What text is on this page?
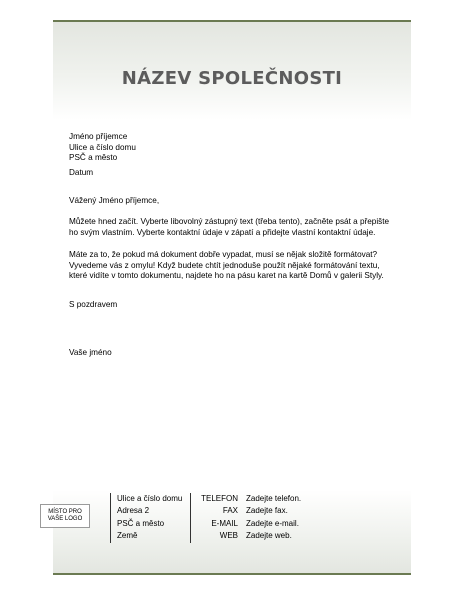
NÁZEV SPOLEČNOSTI
Jméno příjemce
Ulice a číslo domu
PSČ a město
Datum
Vážený Jméno příjemce,
Můžete hned začít. Vyberte libovolný zástupný text (třeba tento), začněte psát a přepište ho svým vlastním. Vyberte kontaktní údaje v zápatí a přidejte vlastní kontaktní údaje.
Máte za to, že pokud má dokument dobře vypadat, musí se nějak složitě formátovat? Vyvedeme vás z omylu! Když budete chtít jednoduše použít nějaké formátování textu, které vidíte v tomto dokumentu, najdete ho na pásu karet na kartě Domů v galerii Styly.
S pozdravem
Vaše jméno
MÍSTO PRO
VAŠE LOGO
Ulice a číslo domu
Adresa 2
PSČ a město
Země
TELEFON
FAX
E-MAIL
WEB
Zadejte telefon.
Zadejte fax.
Zadejte e-mail.
Zadejte web.
